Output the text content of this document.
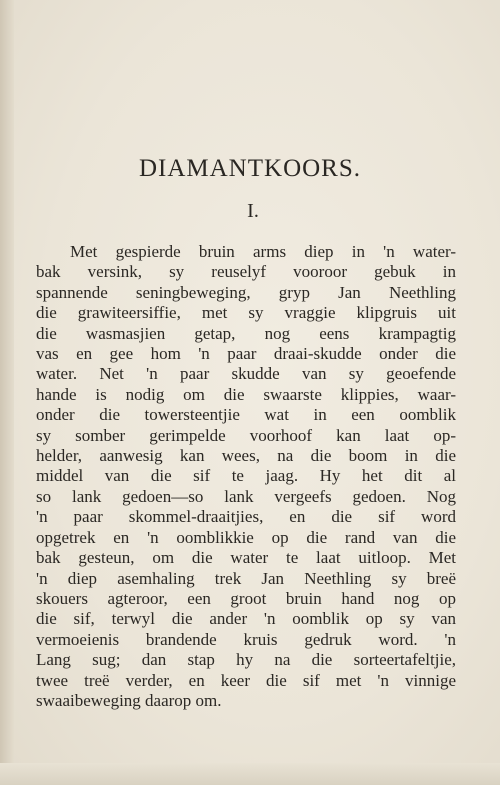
DIAMANTKOORS.
I.
Met gespierde bruin arms diep in 'n water-
bak versink, sy reuselyf vooroor gebuk in
spannende seningbeweging, gryp Jan Neethling
die grawiteersiffie, met sy vraggie klipgruis uit
die wasmasjien getap, nog eens krampagtig
vas en gee hom 'n paar draai-skudde onder die
water. Net 'n paar skudde van sy geoefende
hande is nodig om die swaarste klippies, waar-
onder die towersteentjie wat in een oomblik
sy somber gerimpelde voorhoof kan laat op-
helder, aanwesig kan wees, na die boom in die
middel van die sif te jaag. Hy het dit al
so lank gedoen—so lank vergeefs gedoen. Nog
'n paar skommel-draaitjies, en die sif word
opgetrek en 'n oomblikkie op die rand van die
bak gesteun, om die water te laat uitloop. Met
'n diep asemhaling trek Jan Neethling sy breë
skouers agteroor, een groot bruin hand nog op
die sif, terwyl die ander 'n oomblik op sy van
vermoeienis brandende kruis gedruk word. 'n
Lang sug; dan stap hy na die sorteertafeltjie,
twee treë verder, en keer die sif met 'n vinnige
swaaibeweging daarop om.
